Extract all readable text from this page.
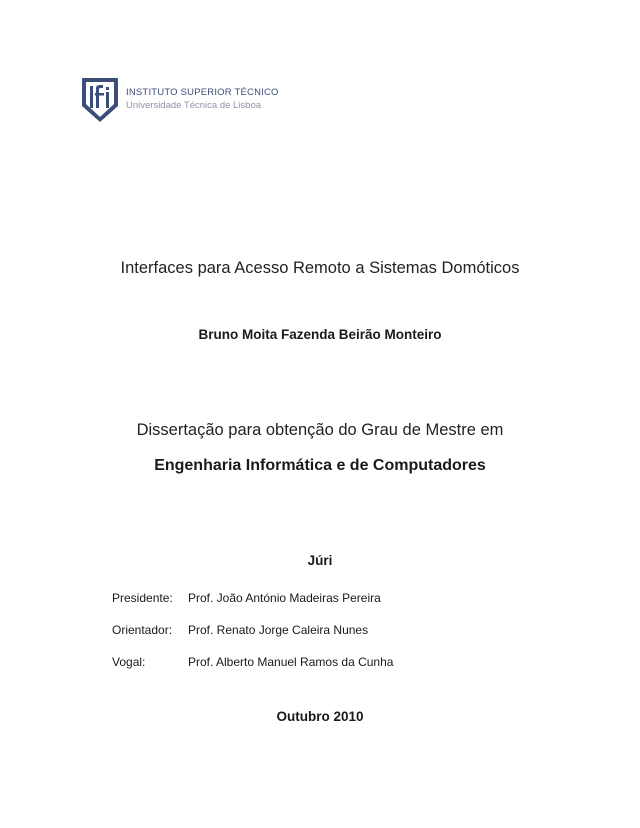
INSTITUTO SUPERIOR TÉCNICO
Universidade Técnica de Lisboa
Interfaces para Acesso Remoto a Sistemas Domóticos
Bruno Moita Fazenda Beirão Monteiro
Dissertação para obtenção do Grau de Mestre em
Engenharia Informática e de Computadores
Júri
Presidente: Prof. João António Madeiras Pereira
Orientador: Prof. Renato Jorge Caleira Nunes
Vogal:	Prof. Alberto Manuel Ramos da Cunha
Outubro 2010
